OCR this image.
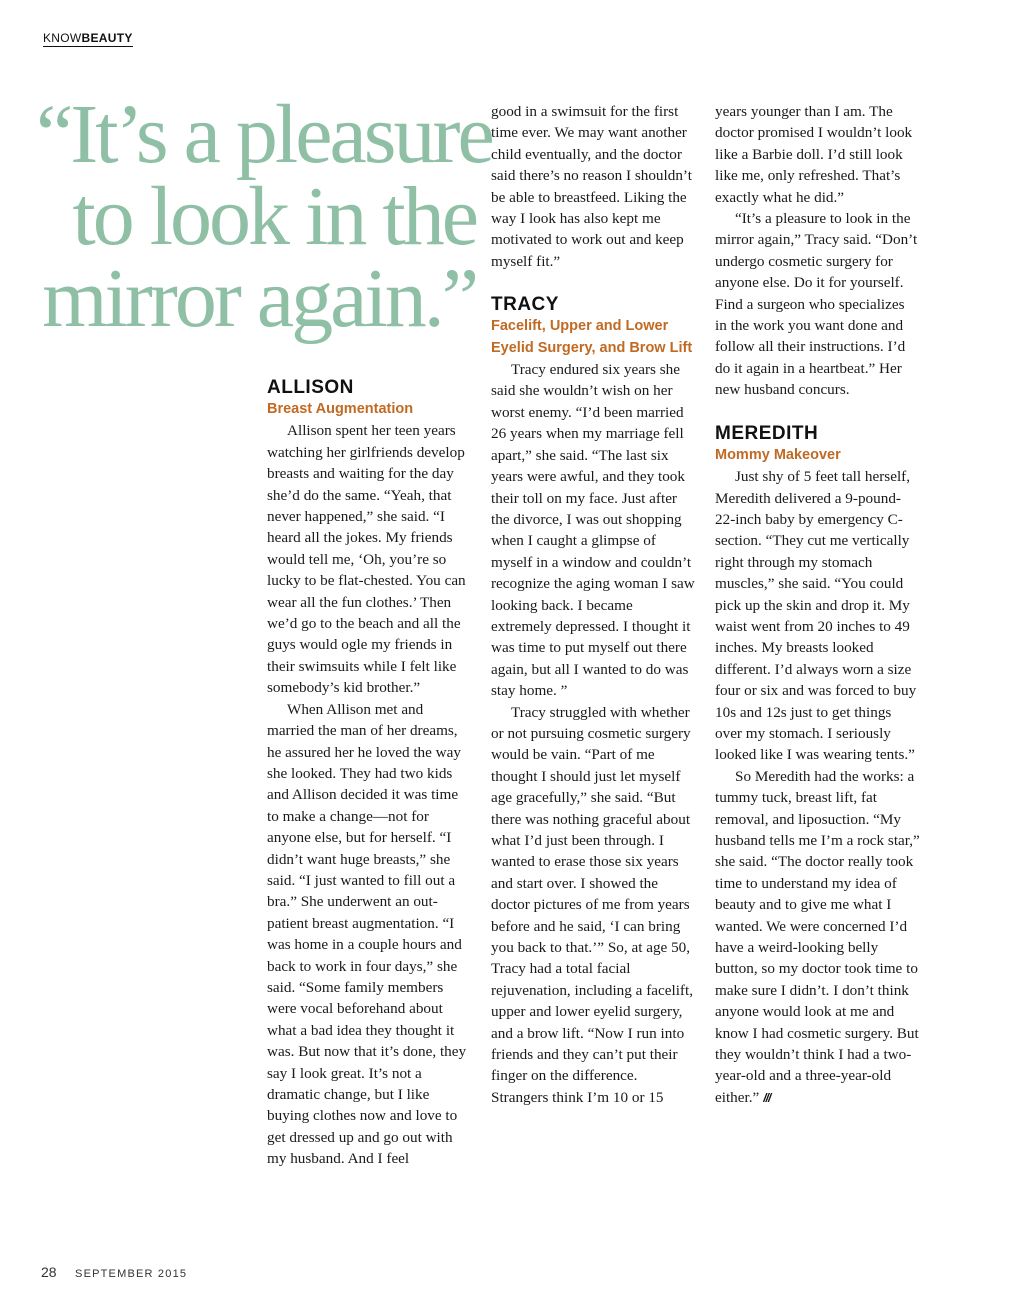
KNOWBEAUTY
“It’s a pleasure
to look in the
mirror again.”
ALLISON
Breast Augmentation

Allison spent her teen years watching her girlfriends develop breasts and waiting for the day she’d do the same. “Yeah, that never happened,” she said. “I heard all the jokes. My friends would tell me, ‘Oh, you’re so lucky to be flat-chested. You can wear all the fun clothes.’ Then we’d go to the beach and all the guys would ogle my friends in their swimsuits while I felt like somebody’s kid brother.”

When Allison met and married the man of her dreams, he assured her he loved the way she looked. They had two kids and Allison decided it was time to make a change—not for anyone else, but for herself. “I didn’t want huge breasts,” she said. “I just wanted to fill out a bra.” She underwent an out-patient breast augmentation. “I was home in a couple hours and back to work in four days,” she said. “Some family members were vocal beforehand about what a bad idea they thought it was. But now that it’s done, they say I look great. It’s not a dramatic change, but I like buying clothes now and love to get dressed up and go out with my husband. And I feel

good in a swimsuit for the first time ever. We may want another child eventually, and the doctor said there’s no reason I shouldn’t be able to breastfeed. Liking the way I look has also kept me motivated to work out and keep myself fit.”

TRACY
Facelift, Upper and Lower Eyelid Surgery, and Brow Lift

Tracy endured six years she said she wouldn’t wish on her worst enemy. “I’d been married 26 years when my marriage fell apart,” she said. “The last six years were awful, and they took their toll on my face. Just after the divorce, I was out shopping when I caught a glimpse of myself in a window and couldn’t recognize the aging woman I saw looking back. I became extremely depressed. I thought it was time to put myself out there again, but all I wanted to do was stay home. ”

Tracy struggled with whether or not pursuing cosmetic surgery would be vain. “Part of me thought I should just let myself age gracefully,” she said. “But there was nothing graceful about what I’d just been through. I wanted to erase those six years and start over. I showed the doctor pictures of me from years before and he said, ‘I can bring you back to that.’” So, at age 50, Tracy had a total facial rejuvenation, including a facelift, upper and lower eyelid surgery, and a brow lift. “Now I run into friends and they can’t put their finger on the difference. Strangers think I’m 10 or 15

years younger than I am. The doctor promised I wouldn’t look like a Barbie doll. I’d still look like me, only refreshed. That’s exactly what he did.”

“It’s a pleasure to look in the mirror again,” Tracy said. “Don’t undergo cosmetic surgery for anyone else. Do it for yourself. Find a surgeon who specializes in the work you want done and follow all their instructions. I’d do it again in a heartbeat.” Her new husband concurs.

MEREDITH
Mommy Makeover

Just shy of 5 feet tall herself, Meredith delivered a 9-pound-22-inch baby by emergency C-section. “They cut me vertically right through my stomach muscles,” she said. “You could pick up the skin and drop it. My waist went from 20 inches to 49 inches. My breasts looked different. I’d always worn a size four or six and was forced to buy 10s and 12s just to get things over my stomach. I seriously looked like I was wearing tents.”

So Meredith had the works: a tummy tuck, breast lift, fat removal, and liposuction. “My husband tells me I’m a rock star,” she said. “The doctor really took time to understand my idea of beauty and to give me what I wanted. We were concerned I’d have a weird-looking belly button, so my doctor took time to make sure I didn’t. I don’t think anyone would look at me and know I had cosmetic surgery. But they wouldn’t think I had a two-year-old and a three-year-old either.” ///

28 SEPTEMBER 2015
